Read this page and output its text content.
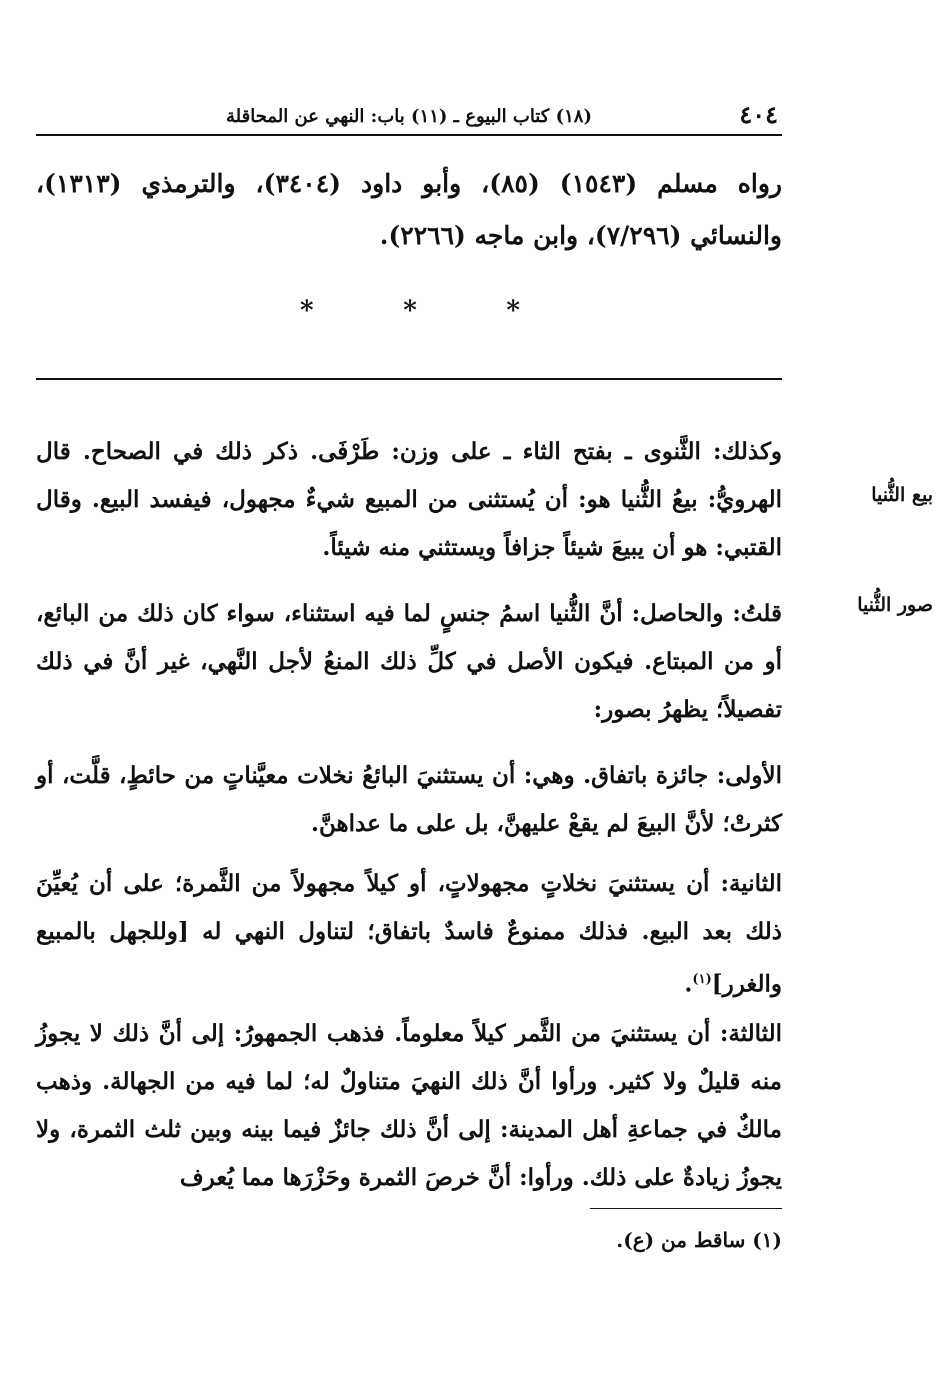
٤٠٤
(١٨) كتاب البيوع ـ (١١) باب: النهي عن المحاقلة
رواه مسلم (١٥٤٣) (٨٥)، وأبو داود (٣٤٠٤)، والترمذي (١٣١٣)، والنسائي (٧/٢٩٦)، وابن ماجه (٢٢٦٦).
*	*	*
بيع الثُّنيا
صور الثُّنيا
وكذلك: الثَّنوى ـ بفتح الثاء ـ على وزن: طَرْفَى. ذكر ذلك في الصحاح. قال الهرويُّ: بيعُ الثُّنيا هو: أن يُستثنى من المبيع شيءٌ مجهول، فيفسد البيع. وقال القتبي: هو أن يبيعَ شيئاً جزافاً ويستثني منه شيئاً.
قلتُ: والحاصل: أنَّ الثُّنيا اسمُ جنسٍ لما فيه استثناء، سواء كان ذلك من البائع، أو من المبتاع. فيكون الأصل في كلِّ ذلك المنعُ لأجل النَّهي، غير أنَّ في ذلك تفصيلاً؛ يظهرُ بصور:
الأولى: جائزة باتفاق. وهي: أن يستثنيَ البائعُ نخلات معيَّناتٍ من حائطٍ، قلَّت، أو كثرتْ؛ لأنَّ البيعَ لم يقعْ عليهنَّ، بل على ما عداهنَّ.
الثانية: أن يستثنيَ نخلاتٍ مجهولاتٍ، أو كيلاً مجهولاً من الثَّمرة؛ على أن يُعيِّنَ ذلك بعد البيع. فذلك ممنوعٌ فاسدٌ باتفاق؛ لتناول النهي له [وللجهل بالمبيع والغرر]$^{(١)}$.
الثالثة: أن يستثنيَ من الثَّمر كيلاً معلوماً. فذهب الجمهورُ: إلى أنَّ ذلك لا يجوزُ منه قليلٌ ولا كثير. ورأوا أنَّ ذلك النهيَ متناولٌ له؛ لما فيه من الجهالة. وذهب مالكٌ في جماعةِ أهل المدينة: إلى أنَّ ذلك جائزٌ فيما بينه وبين ثلث الثمرة، ولا يجوزُ زيادةٌ على ذلك. ورأوا: أنَّ خرصَ الثمرة وحَزْرَها مما يُعرف
(١) ساقط من (ع).
